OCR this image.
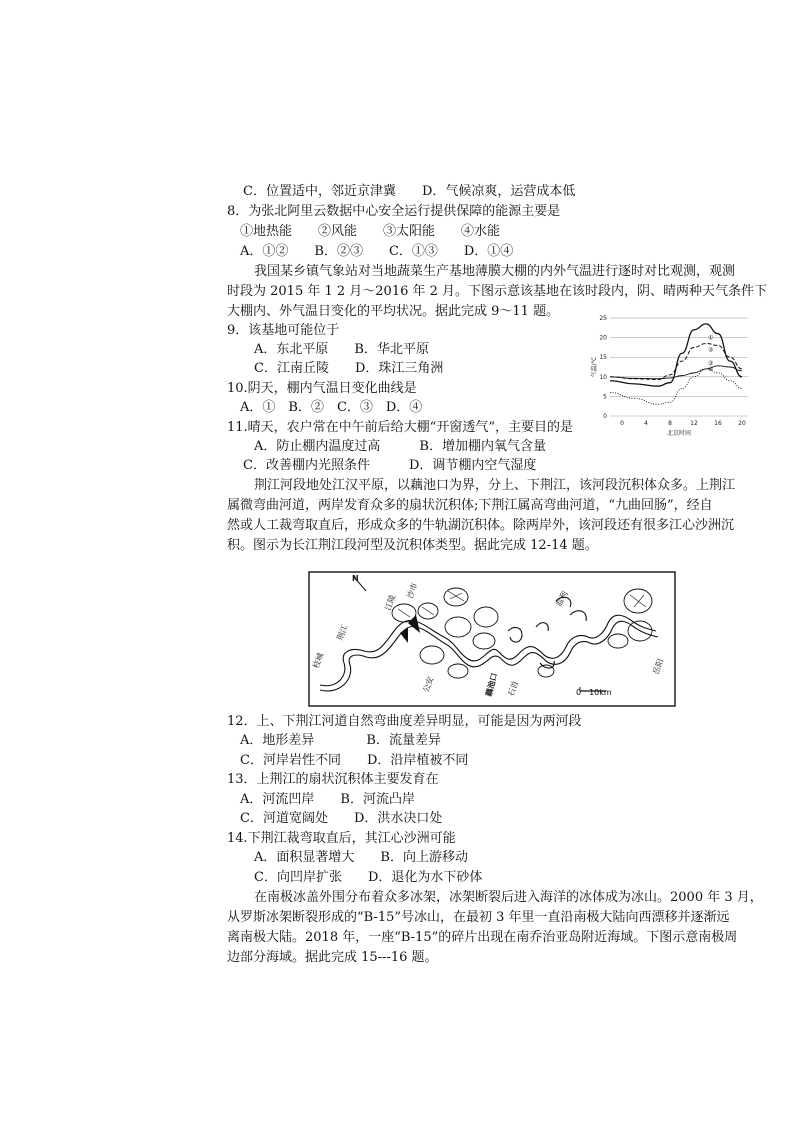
C．位置适中，邻近京津冀　　D．气候凉爽，运营成本低
8．为张北阿里云数据中心安全运行提供保障的能源主要是
①地热能　　②风能　　③太阳能　　④水能
A．①②　　B．②③　　C．①③　　D．①④
我国某乡镇气象站对当地蔬菜生产基地薄膜大棚的内外气温进行逐时对比观测，观测
时段为 2015 年 1 2 月～2016 年 2 月。下图示意该基地在该时段内，阴、晴两种天气条件下
大棚内、外气温日变化的平均状况。据此完成 9～11 题。
9．该基地可能位于
A．东北平原　　B．华北平原
C．江南丘陵　　D．珠江三角洲
10.阴天，棚内气温日变化曲线是
A．①　B．②　C．③　D．④
11.晴天，农户常在中午前后给大棚“开窗透气”，主要目的是
A．防止棚内温度过高　　　B．增加棚内氧气含量
C．改善棚内光照条件　　　D．调节棚内空气湿度
荆江河段地处江汉平原，以藕池口为界，分上、下荆江，该河段沉积体众多。上荆江
属微弯曲河道，两岸发育众多的扇状沉积体;下荆江属高弯曲河道，“九曲回肠”，经自
然或人工裁弯取直后，形成众多的牛轨湖沉积体。除两岸外，该河段还有很多江心沙洲沉
积。图示为长江荆江段河型及沉积体类型。据此完成 12-14 题。
12．上、下荆江河道自然弯曲度差异明显，可能是因为两河段
A．地形差异　　　　B．流量差异
C．河岸岩性不同　　D．沿岸植被不同
13．上荆江的扇状沉积体主要发育在
A．河流凹岸　　B．河流凸岸
C．河道宽阔处　　D．洪水决口处
14.下荆江裁弯取直后，其江心沙洲可能
A．面积显著增大　　B．向上游移动
C．向凹岸扩张　　D．退化为水下砂体
在南极冰盖外围分布着众多冰架，冰架断裂后进入海洋的冰体成为冰山。2000 年 3 月，
从罗斯冰架断裂形成的“B-15”号冰山，在最初 3 年里一直沿南极大陆向西漂移并逐渐远
离南极大陆。2018 年，一座“B-15”的碎片出现在南乔治亚岛附近海域。下图示意南极周
边部分海域。据此完成 15---16 题。
0
5
10
15
20
25
0	4	8	12	16	20
气温/℃
北京时间
①
②
③
④
N
枝城
荆江
江陵
沙市
公安	藕池口 石首
监利
岳阳
0　10km
